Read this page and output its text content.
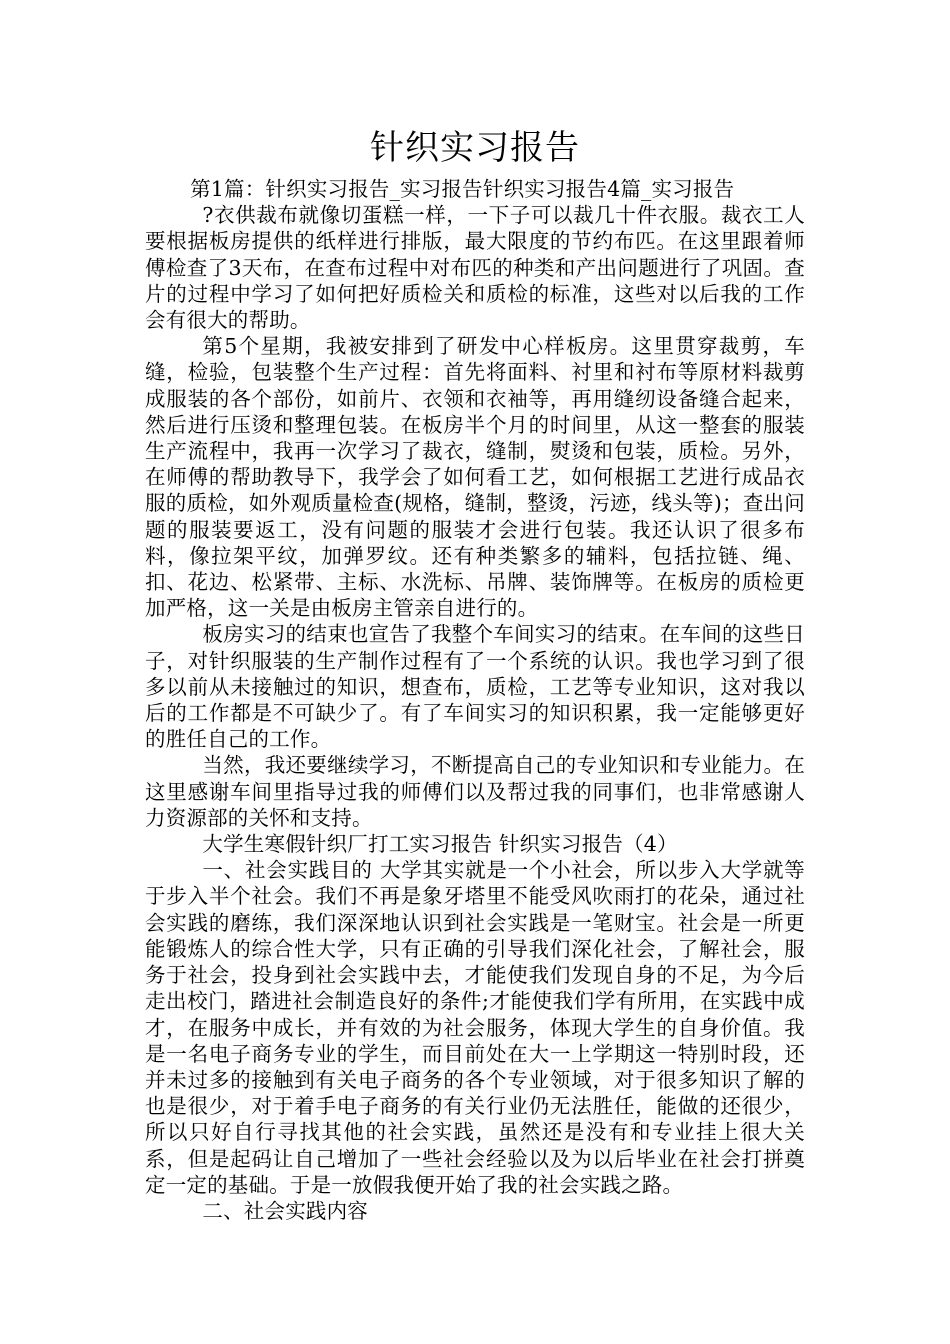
针织实习报告

第1篇：针织实习报告_实习报告针织实习报告4篇_实习报告

?衣供裁布就像切蛋糕一样，一下子可以裁几十件衣服。裁衣工人要根据板房提供的纸样进行排版，最大限度的节约布匹。在这里跟着师傅检查了3天布，在查布过程中对布匹的种类和产出问题进行了巩固。查片的过程中学习了如何把好质检关和质检的标准，这些对以后我的工作会有很大的帮助。

第5个星期，我被安排到了研发中心样板房。这里贯穿裁剪，车缝，检验，包装整个生产过程：首先将面料、衬里和衬布等原材料裁剪成服装的各个部份，如前片、衣领和衣袖等，再用缝纫设备缝合起来，然后进行压烫和整理包装。在板房半个月的时间里，从这一整套的服装生产流程中，我再一次学习了裁衣，缝制，熨烫和包装，质检。另外，在师傅的帮助教导下，我学会了如何看工艺，如何根据工艺进行成品衣服的质检，如外观质量检查(规格，缝制，整烫，污迹，线头等)；查出问题的服装要返工，没有问题的服装才会进行包装。我还认识了很多布料，像拉架平纹，加弹罗纹。还有种类繁多的辅料，包括拉链、绳、扣、花边、松紧带、主标、水洗标、吊牌、装饰牌等。在板房的质检更加严格，这一关是由板房主管亲自进行的。

板房实习的结束也宣告了我整个车间实习的结束。在车间的这些日子，对针织服装的生产制作过程有了一个系统的认识。我也学习到了很多以前从未接触过的知识，想查布，质检，工艺等专业知识，这对我以后的工作都是不可缺少了。有了车间实习的知识积累，我一定能够更好的胜任自己的工作。

当然，我还要继续学习，不断提高自己的专业知识和专业能力。在这里感谢车间里指导过我的师傅们以及帮过我的同事们，也非常感谢人力资源部的关怀和支持。

大学生寒假针织厂打工实习报告 针织实习报告（4）

一、社会实践目的 大学其实就是一个小社会，所以步入大学就等于步入半个社会。我们不再是象牙塔里不能受风吹雨打的花朵，通过社会实践的磨练，我们深深地认识到社会实践是一笔财宝。社会是一所更能锻炼人的综合性大学，只有正确的引导我们深化社会，了解社会，服务于社会，投身到社会实践中去，才能使我们发现自身的不足，为今后走出校门，踏进社会制造良好的条件;才能使我们学有所用，在实践中成才，在服务中成长，并有效的为社会服务，体现大学生的自身价值。我是一名电子商务专业的学生，而目前处在大一上学期这一特别时段，还并未过多的接触到有关电子商务的各个专业领域，对于很多知识了解的也是很少，对于着手电子商务的有关行业仍无法胜任，能做的还很少，所以只好自行寻找其他的社会实践，虽然还是没有和专业挂上很大关系，但是起码让自己增加了一些社会经验以及为以后毕业在社会打拼奠定一定的基础。于是一放假我便开始了我的社会实践之路。

二、社会实践内容
